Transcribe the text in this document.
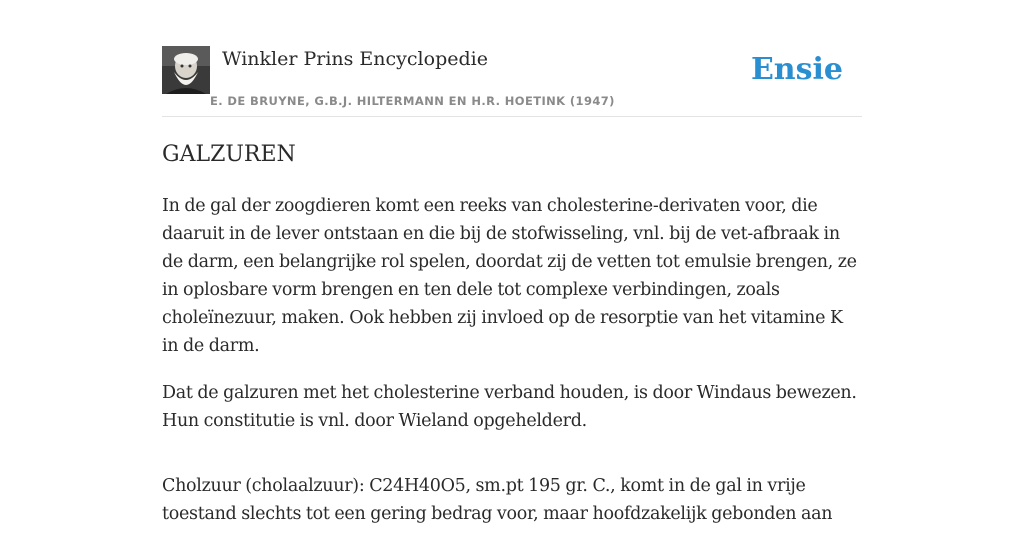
Winkler Prins Encyclopedie
E. DE BRUYNE, G.B.J. HILTERMANN EN H.R. HOETINK (1947)
Ensie
GALZUREN

In de gal der zoogdieren komt een reeks van cholesterine-derivaten voor, die daaruit in de lever ontstaan en die bij de stofwisseling, vnl. bij de vet-afbraak in de darm, een belangrijke rol spelen, doordat zij de vetten tot emulsie brengen, ze in oplosbare vorm brengen en ten dele tot complexe verbindingen, zoals choleïnezuur, maken. Ook hebben zij invloed op de resorptie van het vitamine K in de darm.

Dat de galzuren met het cholesterine verband houden, is door Windaus bewezen. Hun constitutie is vnl. door Wieland opgehelderd.

Cholzuur (cholaalzuur): C24H40O5, sm.pt 195 gr. C., komt in de gal in vrije toestand slechts tot een gering bedrag voor, maar hoofdzakelijk gebonden aan
